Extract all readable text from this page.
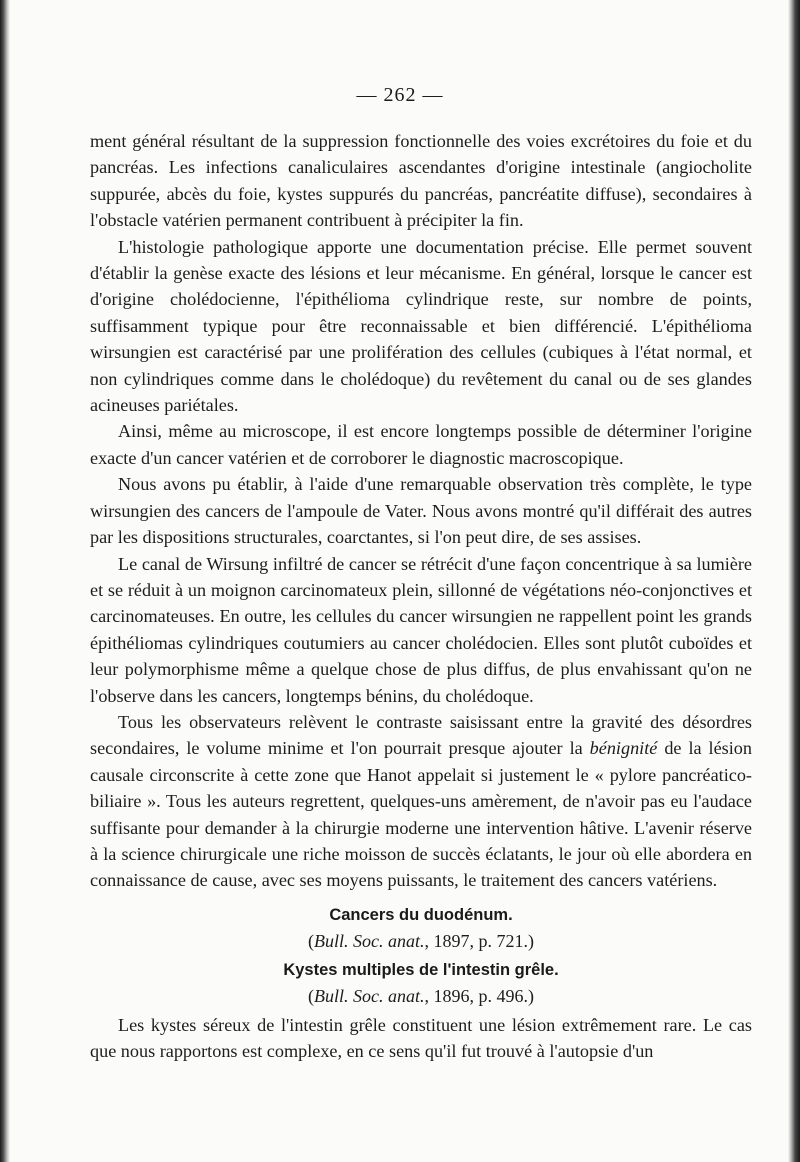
— 262 —

ment général résultant de la suppression fonctionnelle des voies excrétoires du foie et du pancréas. Les infections canaliculaires ascendantes d'origine intestinale (angiocholite suppurée, abcès du foie, kystes suppurés du pancréas, pancréatite diffuse), secondaires à l'obstacle vatérien permanent contribuent à précipiter la fin.

L'histologie pathologique apporte une documentation précise. Elle permet souvent d'établir la genèse exacte des lésions et leur mécanisme. En général, lorsque le cancer est d'origine cholédocienne, l'épithélioma cylindrique reste, sur nombre de points, suffisamment typique pour être reconnaissable et bien différencié. L'épithélioma wirsungien est caractérisé par une prolifération des cellules (cubiques à l'état normal, et non cylindriques comme dans le cholédoque) du revêtement du canal ou de ses glandes acineuses pariétales.

Ainsi, même au microscope, il est encore longtemps possible de déterminer l'origine exacte d'un cancer vatérien et de corroborer le diagnostic macroscopique.

Nous avons pu établir, à l'aide d'une remarquable observation très complète, le type wirsungien des cancers de l'ampoule de Vater. Nous avons montré qu'il différait des autres par les dispositions structurales, coarctantes, si l'on peut dire, de ses assises.

Le canal de Wirsung infiltré de cancer se rétrécit d'une façon concentrique à sa lumière et se réduit à un moignon carcinomateux plein, sillonné de végétations néo-conjonctives et carcinomateuses. En outre, les cellules du cancer wirsungien ne rappellent point les grands épithéliomas cylindriques coutumiers au cancer cholédocien. Elles sont plutôt cuboïdes et leur polymorphisme même a quelque chose de plus diffus, de plus envahissant qu'on ne l'observe dans les cancers, longtemps bénins, du cholédoque.

Tous les observateurs relèvent le contraste saisissant entre la gravité des désordres secondaires, le volume minime et l'on pourrait presque ajouter la bénignité de la lésion causale circonscrite à cette zone que Hanot appelait si justement le « pylore pancréatico-biliaire ». Tous les auteurs regrettent, quelques-uns amèrement, de n'avoir pas eu l'audace suffisante pour demander à la chirurgie moderne une intervention hâtive. L'avenir réserve à la science chirurgicale une riche moisson de succès éclatants, le jour où elle abordera en connaissance de cause, avec ses moyens puissants, le traitement des cancers vatériens.

Cancers du duodénum.
(Bull. Soc. anat., 1897, p. 721.)
Kystes multiples de l'intestin grêle.
(Bull. Soc. anat., 1896, p. 496.)

Les kystes séreux de l'intestin grêle constituent une lésion extrêmement rare. Le cas que nous rapportons est complexe, en ce sens qu'il fut trouvé à l'autopsie d'un
